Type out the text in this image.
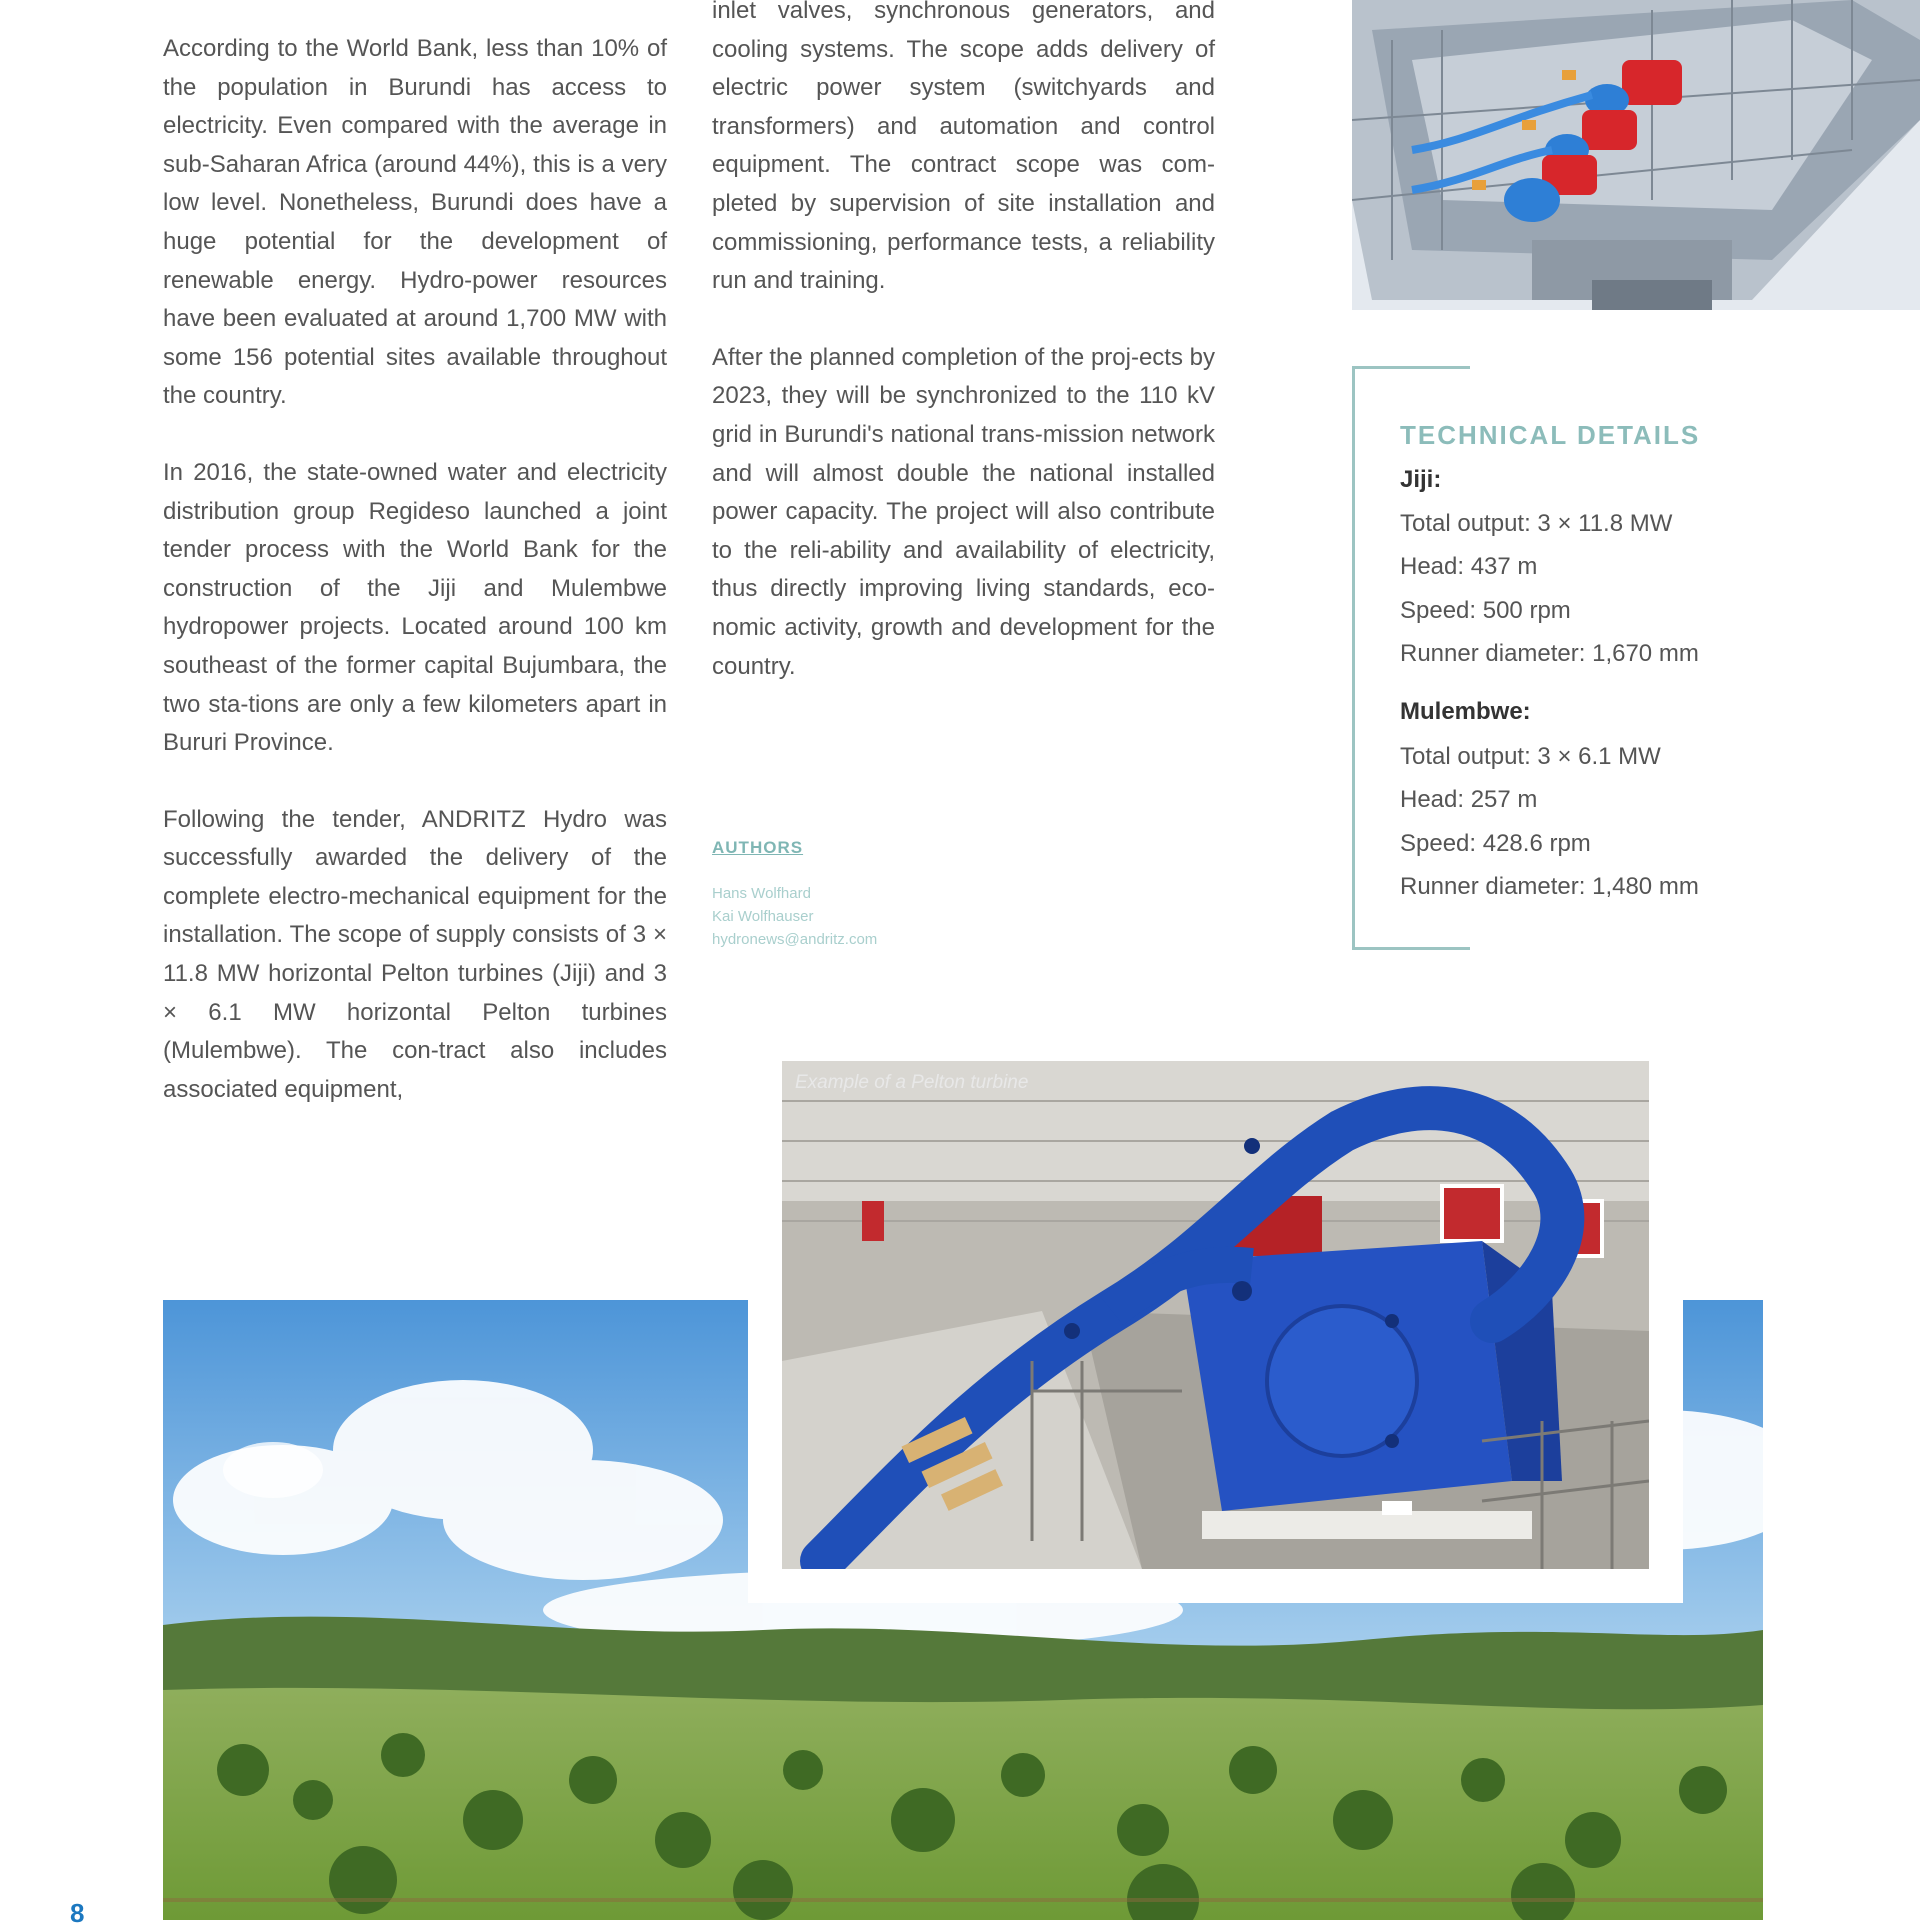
According to the World Bank, less than 10% of the population in Burundi has access to electricity. Even compared with the average in sub-Saharan Africa (around 44%), this is a very low level. Nonetheless, Burundi does have a huge potential for the development of renewable energy. Hydro-power resources have been evaluated at around 1,700 MW with some 156 potential sites available throughout the country.

In 2016, the state-owned water and electricity distribution group Regideso launched a joint tender process with the World Bank for the construction of the Jiji and Mulembwe hydropower projects. Located around 100 km southeast of the former capital Bujumbara, the two sta-tions are only a few kilometers apart in Bururi Province.

Following the tender, ANDRITZ Hydro was successfully awarded the delivery of the complete electro-mechanical equipment for the installation. The scope of supply consists of 3 × 11.8 MW horizontal Pelton turbines (Jiji) and 3 × 6.1 MW horizontal Pelton turbines (Mulembwe). The con-tract also includes associated equipment,

inlet valves, synchronous generators, and cooling systems. The scope adds delivery of electric power system (switchyards and transformers) and automation and control equipment. The contract scope was com-pleted by supervision of site installation and commissioning, performance tests, a reliability run and training.

After the planned completion of the proj-ects by 2023, they will be synchronized to the 110 kV grid in Burundi's national trans-mission network and will almost double the national installed power capacity. The project will also contribute to the reli-ability and availability of electricity, thus directly improving living standards, eco-nomic activity, growth and development for the country.

AUTHORS
Hans Wolfhard
Kai Wolfhauser
hydronews@andritz.com
TECHNICAL DETAILS
Jiji:
Total output: 3 × 11.8 MW
Head: 437 m
Speed: 500 rpm
Runner diameter: 1,670 mm
Mulembwe:
Total output: 3 × 6.1 MW
Head: 257 m
Speed: 428.6 rpm
Runner diameter: 1,480 mm
Example of a Pelton turbine
8
